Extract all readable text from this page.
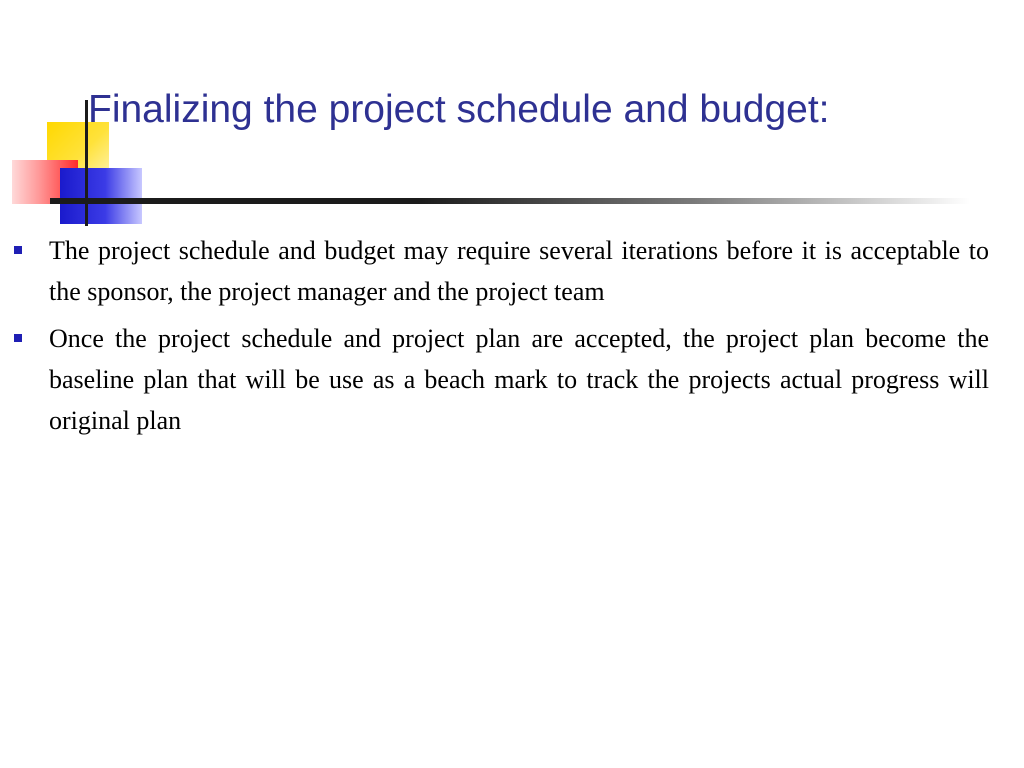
Finalizing the project schedule and budget:
The project schedule and budget may require several iterations before it is acceptable to the sponsor, the project manager and the project team
Once the project schedule and project plan are accepted, the project plan become the baseline plan that will be use as a beach mark to track the projects actual progress will original plan
